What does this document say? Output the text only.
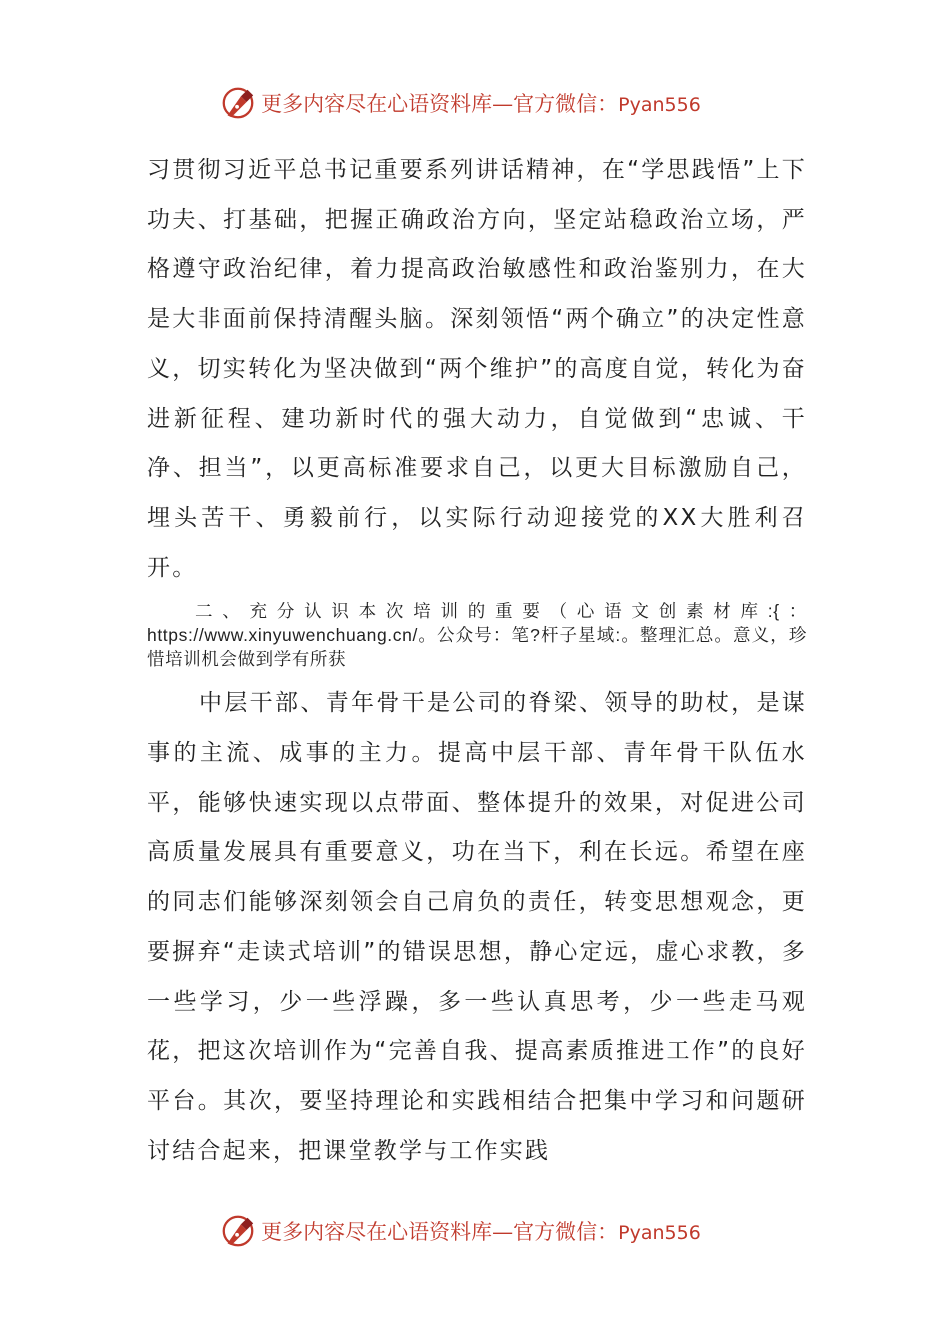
更多内容尽在心语资料库—官方微信：Pyan556

习贯彻习近平总书记重要系列讲话精神，在“学思践悟”上下功夫、打基础，把握正确政治方向，坚定站稳政治立场，严格遵守政治纪律，着力提高政治敏感性和政治鉴别力，在大是大非面前保持清醒头脑。深刻领悟“两个确立”的决定性意义，切实转化为坚决做到“两个维护”的高度自觉，转化为奋进新征程、建功新时代的强大动力，自觉做到“忠诚、干净、担当”，以更高标准要求自己，以更大目标激励自己，埋头苦干、勇毅前行，以实际行动迎接党的XX大胜利召开。

二、充分认识本次培训的重要（心语文创素材库:{：https://www.xinyuwenchuang.cn/。公众号：笔?杆子星域:。整理汇总。意义，珍惜培训机会做到学有所获

中层干部、青年骨干是公司的脊梁、领导的助杖，是谋事的主流、成事的主力。提高中层干部、青年骨干队伍水平，能够快速实现以点带面、整体提升的效果，对促进公司高质量发展具有重要意义，功在当下，利在长远。希望在座的同志们能够深刻领会自己肩负的责任，转变思想观念，更要摒弃“走读式培训”的错误思想，静心定远，虚心求教，多一些学习，少一些浮躁，多一些认真思考，少一些走马观花，把这次培训作为“完善自我、提高素质推进工作”的良好平台。其次，要坚持理论和实践相结合把集中学习和问题研讨结合起来，把课堂教学与工作实践

更多内容尽在心语资料库—官方微信：Pyan556
